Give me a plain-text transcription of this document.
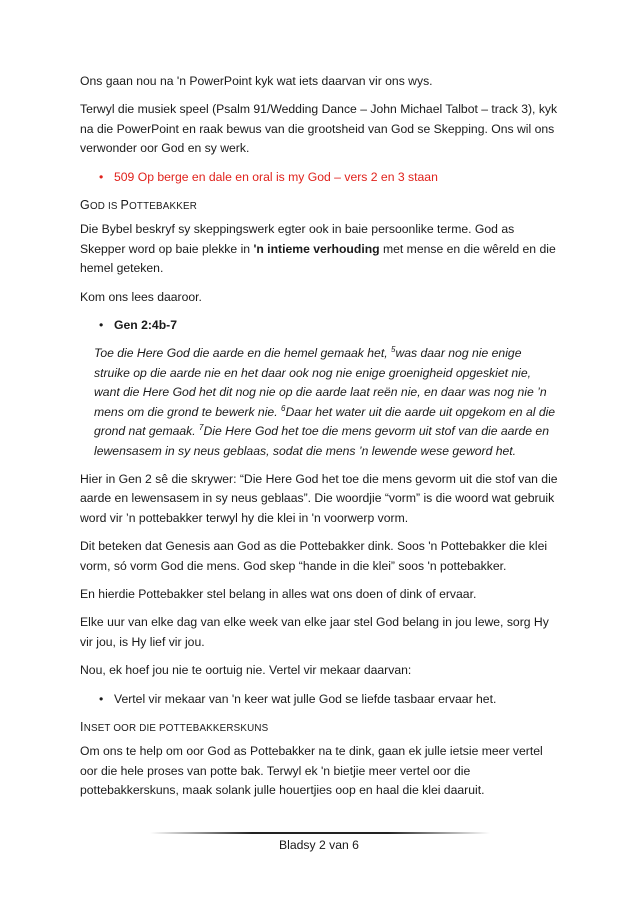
Ons gaan nou na 'n PowerPoint kyk wat iets daarvan vir ons wys.

Terwyl die musiek speel (Psalm 91/Wedding Dance – John Michael Talbot – track 3), kyk na die PowerPoint en raak bewus van die grootsheid van God se Skepping. Ons wil ons verwonder oor God en sy werk.

• 509 Op berge en dale en oral is my God – vers 2 en 3 staan
GOD IS POTTEBAKKER

Die Bybel beskryf sy skeppingswerk egter ook in baie persoonlike terme. God as Skepper word op baie plekke in 'n intieme verhouding met mense en die wêreld en die hemel geteken.

Kom ons lees daaroor.

• Gen 2:4b-7

Toe die Here God die aarde en die hemel gemaak het, $^5$was daar nog nie enige struike op die aarde nie en het daar ook nog nie enige groenigheid opgeskiet nie, want die Here God het dit nog nie op die aarde laat reën nie, en daar was nog nie ’n mens om die grond te bewerk nie. $^6$Daar het water uit die aarde uit opgekom en al die grond nat gemaak. $^7$Die Here God het toe die mens gevorm uit stof van die aarde en lewensasem in sy neus geblaas, sodat die mens ’n lewende wese geword het.

Hier in Gen 2 sê die skrywer: “Die Here God het toe die mens gevorm uit die stof van die aarde en lewensasem in sy neus geblaas”. Die woordjie “vorm” is die woord wat gebruik word vir ’n pottebakker terwyl hy die klei in 'n voorwerp vorm.

Dit beteken dat Genesis aan God as die Pottebakker dink. Soos 'n Pottebakker die klei vorm, só vorm God die mens. God skep “hande in die klei” soos 'n pottebakker.

En hierdie Pottebakker stel belang in alles wat ons doen of dink of ervaar.

Elke uur van elke dag van elke week van elke jaar stel God belang in jou lewe, sorg Hy vir jou, is Hy lief vir jou.

Nou, ek hoef jou nie te oortuig nie. Vertel vir mekaar daarvan:

• Vertel vir mekaar van 'n keer wat julle God se liefde tasbaar ervaar het.
INSET OOR DIE POTTEBAKKERSKUNS

Om ons te help om oor God as Pottebakker na te dink, gaan ek julle ietsie meer vertel oor die hele proses van potte bak. Terwyl ek 'n bietjie meer vertel oor die pottebakkerskuns, maak solank julle houertjies oop en haal die klei daaruit.

Bladsy 2 van 6
